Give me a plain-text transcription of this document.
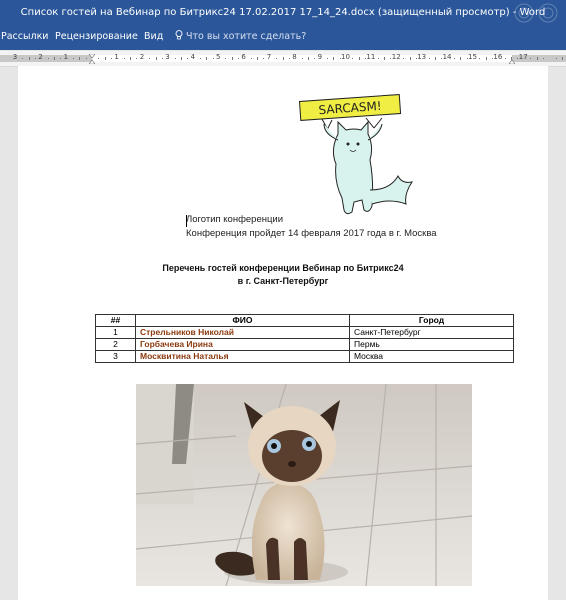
Список гостей на Вебинар по Битрикс24 17.02.2017 17_14_24.docx (защищенный просмотр) - Word
Рассылки Рецензирование Вид	Что вы хотите сделать?
3	2	1	1	2	3	4	5	6	7	8	9	10 11 12 13 14 15 16 17
SARCASM!
Логотип конференции
Конференция пройдет 14 февраля 2017 года в г. Москва
Перечень гостей конференции Вебинар по Битрикс24
в г. Санкт-Петербург
##	ФИО	Город
1	Стрельников Николай	Санкт-Петербург
2	Горбачева Ирина	Пермь
3	Москвитина Наталья	Москва
